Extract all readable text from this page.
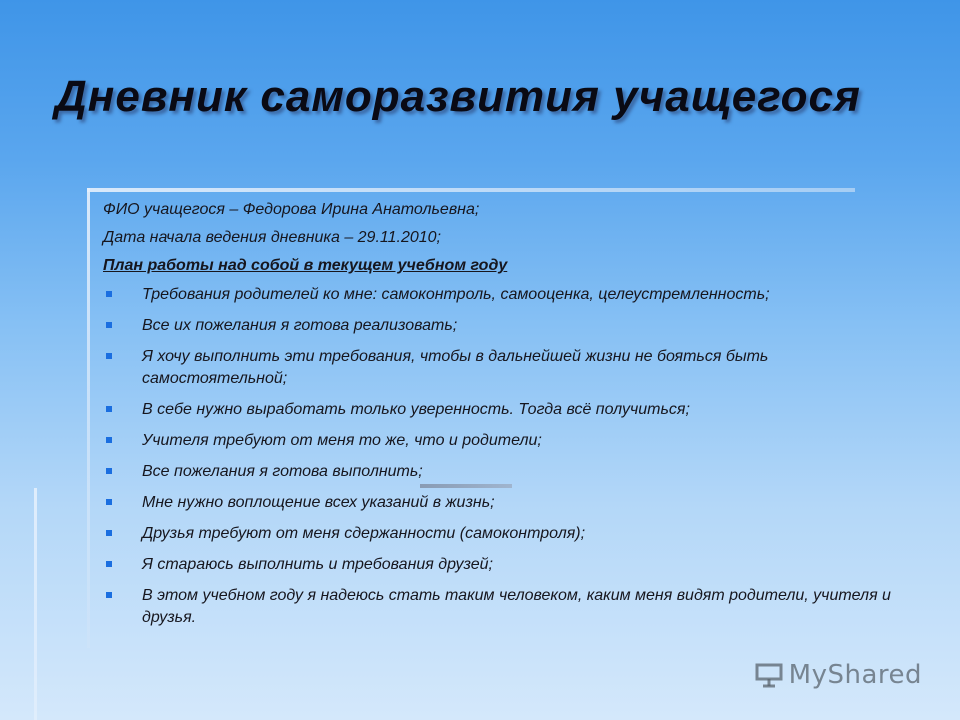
Дневник саморазвития учащегося

ФИО учащегося – Федорова Ирина Анатольевна;

Дата начала ведения дневника – 29.11.2010;

План работы над собой в текущем учебном году

Требования родителей ко мне: самоконтроль, самооценка, целеустремленность;
Все их пожелания я готова реализовать;
Я хочу выполнить эти требования, чтобы в дальнейшей жизни не бояться быть самостоятельной;
В себе нужно выработать только уверенность. Тогда всё получиться;
Учителя требуют от меня то же, что и родители;
Все пожелания я готова выполнить;
Мне нужно воплощение всех указаний в жизнь;
Друзья требуют от меня сдержанности (самоконтроля);
Я стараюсь выполнить и требования друзей;
В этом учебном году я надеюсь стать таким человеком, каким меня видят родители, учителя и друзья.
MyShared
